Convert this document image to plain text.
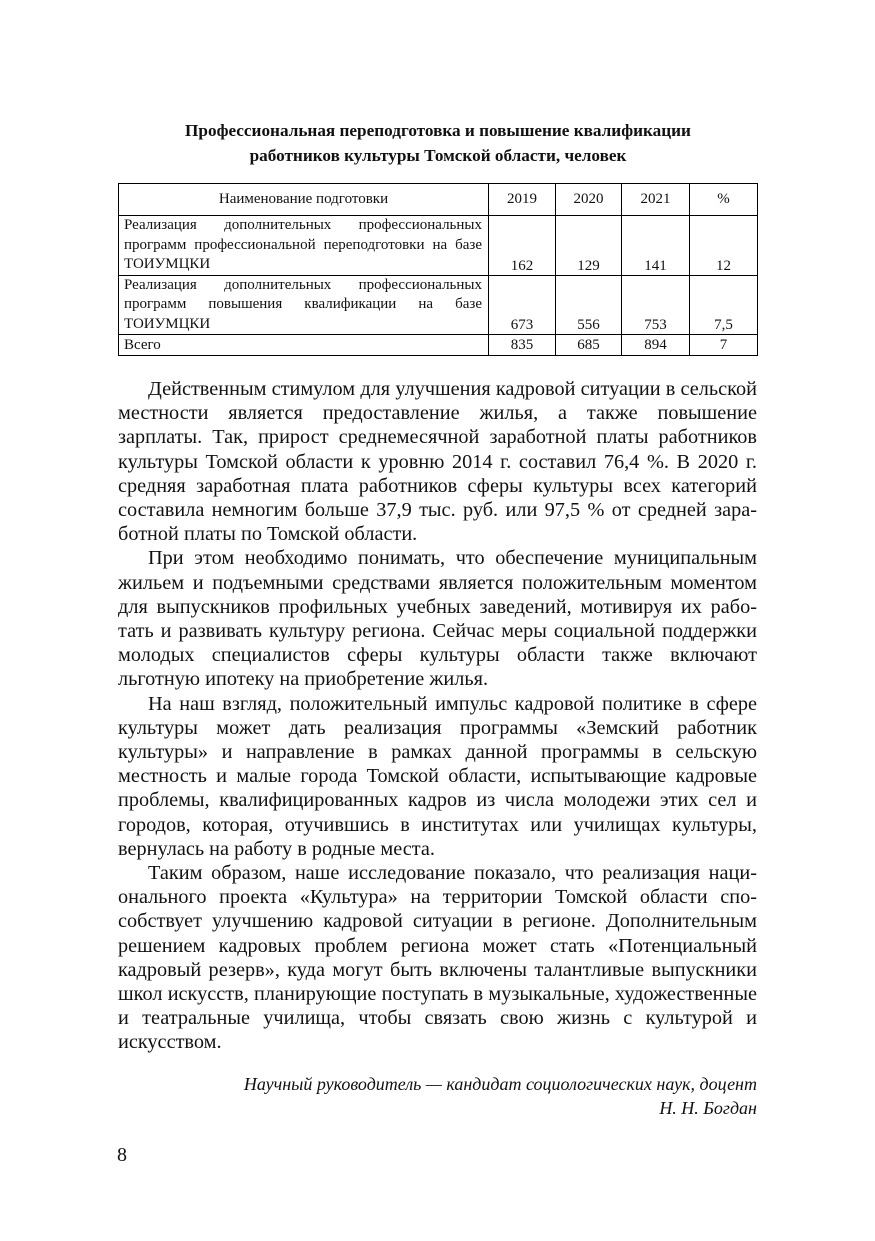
Профессиональная переподготовка и повышение квалификации
работников культуры Томской области, человек
Наименование подготовки	2019	2020	2021	%
Реализация дополнительных профессиональных программ профессиональной переподготовки на базе ТОИУМЦКИ	162	129	141	12
Реализация дополнительных профессиональных программ повышения квалификации на базе ТОИУМЦКИ	673	556	753	7,5
Всего	835	685	894	7

Действенным стимулом для улучшения кадровой ситуации в сельской местности является предоставление жилья, а также повышение зарплаты. Так, прирост среднемесячной заработной платы работников культуры Томской области к уровню 2014 г. составил 76,4 %. В 2020 г. средняя заработная плата работников сферы культуры всех категорий составила немногим больше 37,9 тыс. руб. или 97,5 % от средней заработной платы по Томской области.

При этом необходимо понимать, что обеспечение муниципальным жильем и подъемными средствами является положительным моментом для выпускников профильных учебных заведений, мотивируя их работать и развивать культуру региона. Сейчас меры социальной поддержки молодых специалистов сферы культуры области также включают льготную ипотеку на приобретение жилья.

На наш взгляд, положительный импульс кадровой политике в сфере культуры может дать реализация программы «Земский работник культуры» и направление в рамках данной программы в сельскую местность и малые города Томской области, испытывающие кадровые проблемы, квалифицированных кадров из числа молодежи этих сел и городов, которая, отучившись в институтах или училищах культуры, вернулась на работу в родные места.

Таким образом, наше исследование показало, что реализация национального проекта «Культура» на территории Томской области способствует улучшению кадровой ситуации в регионе. Дополнительным решением кадровых проблем региона может стать «Потенциальный кадровый резерв», куда могут быть включены талантливые выпускники школ искусств, планирующие поступать в музыкальные, художественные и театральные училища, чтобы связать свою жизнь с культурой и искусством.

Научный руководитель — кандидат социологических наук, доцент
Н. Н. Богдан
8
